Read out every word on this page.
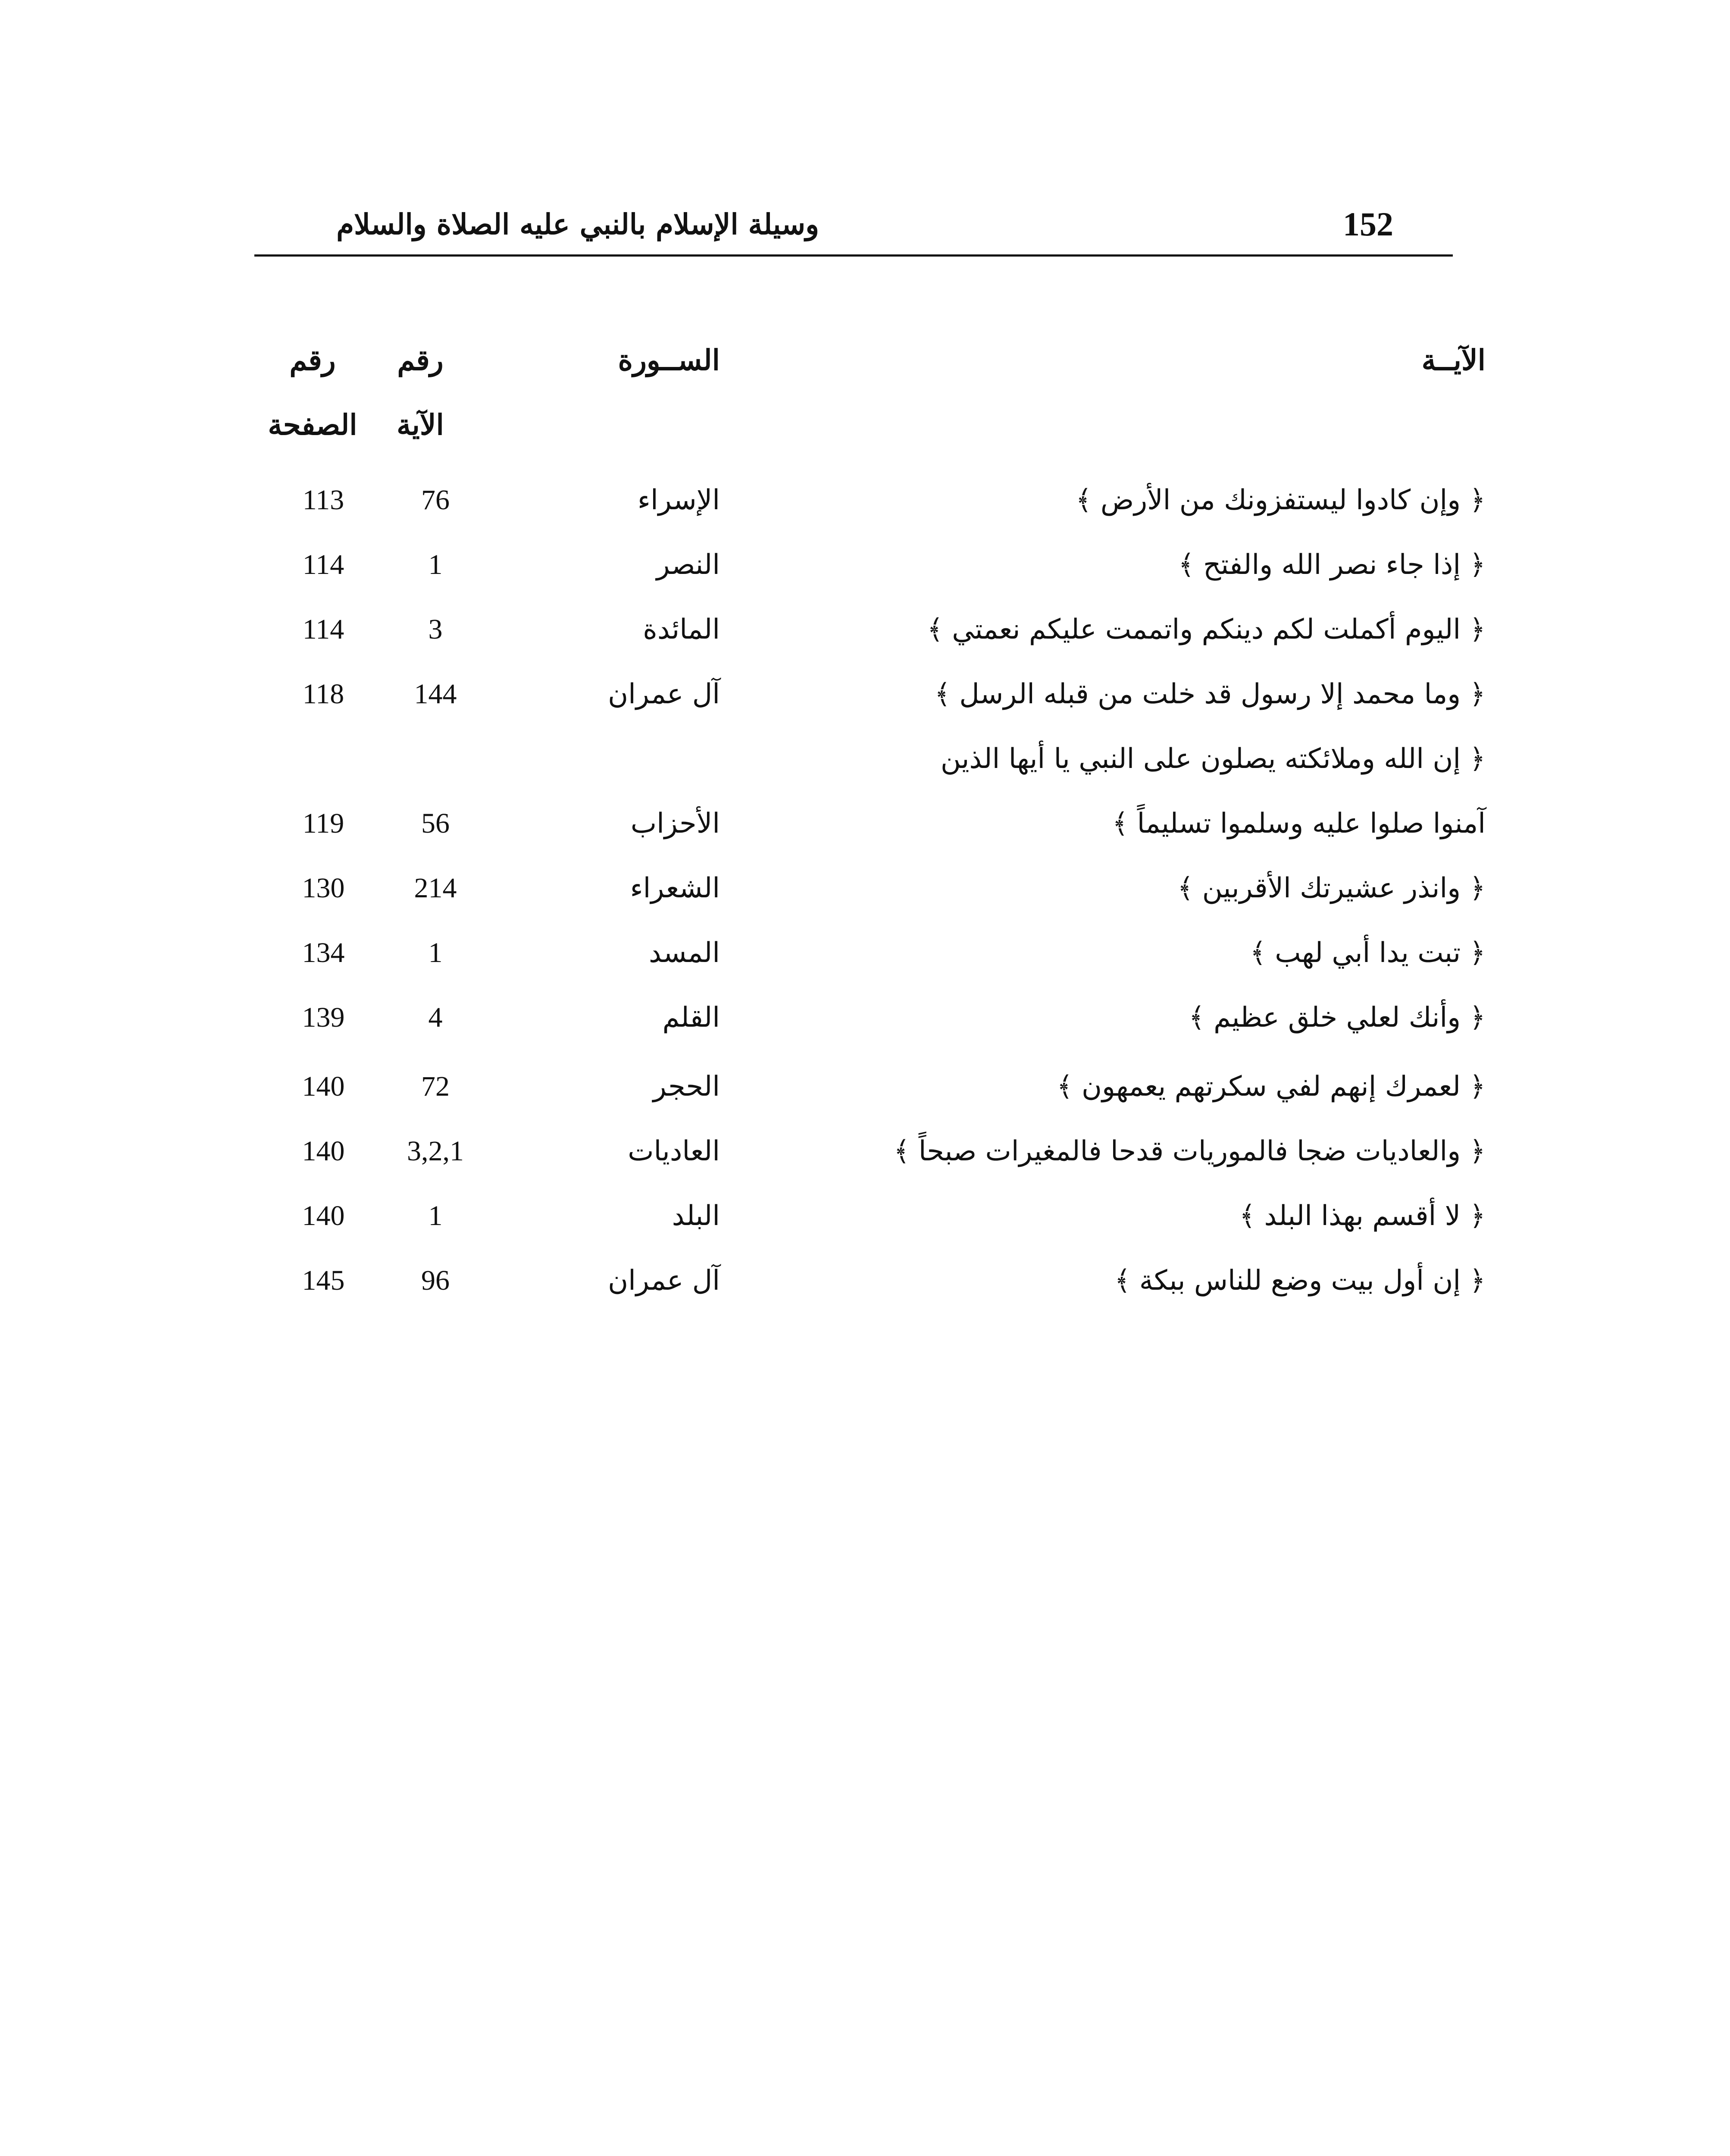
152
وسيلة الإسلام بالنبي عليه الصلاة والسلام
الآيــة
الســورة
رقم
الآية
رقم
الصفحة
﴿ وإن كادوا ليستفزونك من الأرض ﴾
الإسراء
76
113
﴿ إذا جاء نصر الله والفتح ﴾
النصر
1
114
﴿ اليوم أكملت لكم دينكم واتممت عليكم نعمتي ﴾
المائدة
3
114
﴿ وما محمد إلا رسول قد خلت من قبله الرسل ﴾
آل عمران
144
118
﴿ إن الله وملائكته يصلون على النبي يا أيها الذين
آمنوا صلوا عليه وسلموا تسليماً ﴾
الأحزاب
56
119
﴿ وانذر عشيرتك الأقربين ﴾
الشعراء
214
130
﴿ تبت يدا أبي لهب ﴾
المسد
1
134
﴿ وأنك لعلي خلق عظيم ﴾
القلم
4
139
﴿ لعمرك إنهم لفي سكرتهم يعمهون ﴾
الحجر
72
140
﴿ والعاديات ضجا فالموريات قدحا فالمغيرات صبحاً ﴾
العاديات
3,2,1
140
﴿ لا أقسم بهذا البلد ﴾
البلد
1
140
﴿ إن أول بيت وضع للناس ببكة ﴾
آل عمران
96
145
